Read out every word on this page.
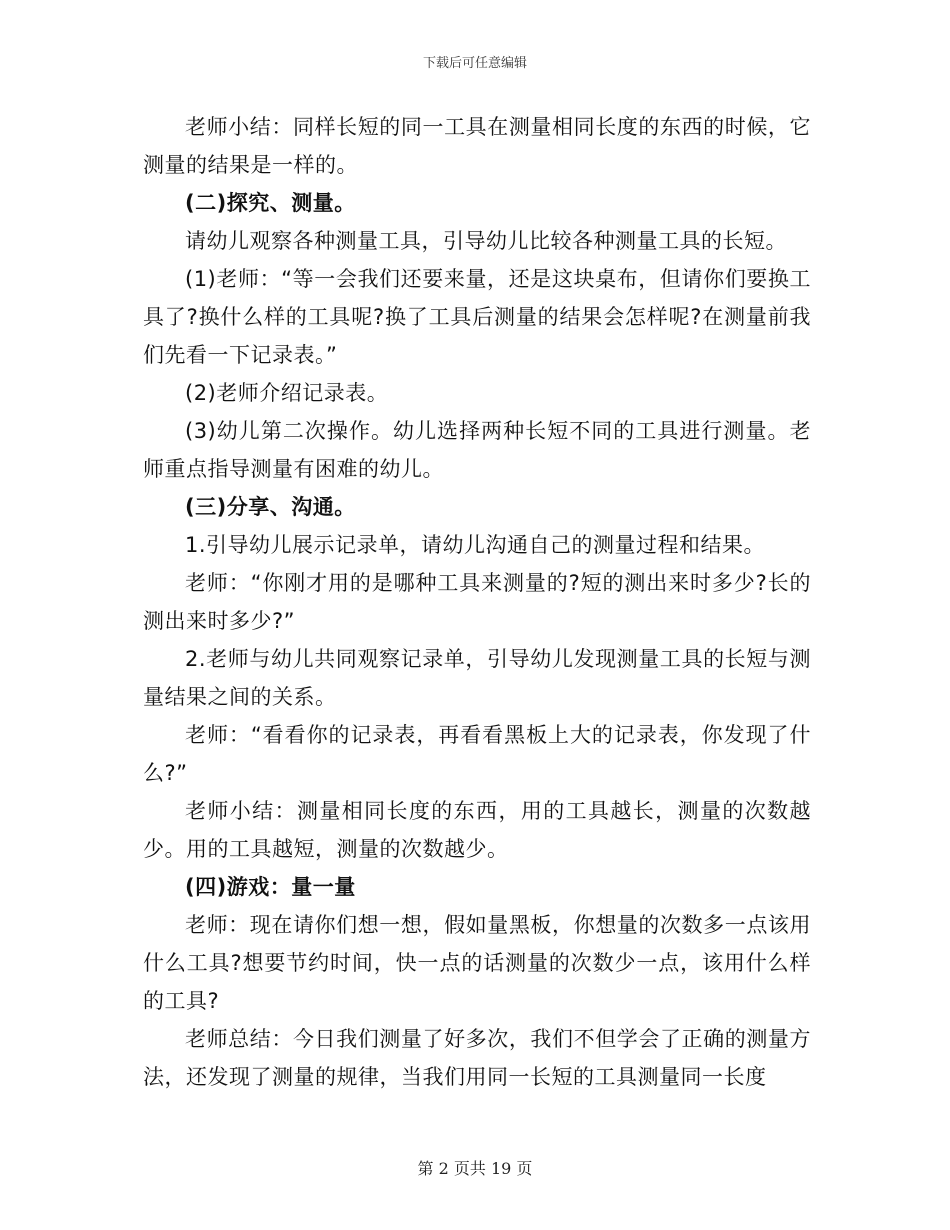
下载后可任意编辑

老师小结：同样长短的同一工具在测量相同长度的东西的时候，它测量的结果是一样的。

(二)探究、测量。

请幼儿观察各种测量工具，引导幼儿比较各种测量工具的长短。

(1)老师：“等一会我们还要来量，还是这块桌布，但请你们要换工具了?换什么样的工具呢?换了工具后测量的结果会怎样呢?在测量前我们先看一下记录表。”

(2)老师介绍记录表。

(3)幼儿第二次操作。幼儿选择两种长短不同的工具进行测量。老师重点指导测量有困难的幼儿。

(三)分享、沟通。

1.引导幼儿展示记录单，请幼儿沟通自己的测量过程和结果。

老师：“你刚才用的是哪种工具来测量的?短的测出来时多少?长的测出来时多少?”

2.老师与幼儿共同观察记录单，引导幼儿发现测量工具的长短与测量结果之间的关系。

老师：“看看你的记录表，再看看黑板上大的记录表，你发现了什么?”

老师小结：测量相同长度的东西，用的工具越长，测量的次数越少。用的工具越短，测量的次数越少。

(四)游戏：量一量

老师：现在请你们想一想，假如量黑板，你想量的次数多一点该用什么工具?想要节约时间，快一点的话测量的次数少一点，该用什么样的工具?

老师总结：今日我们测量了好多次，我们不但学会了正确的测量方法，还发现了测量的规律，当我们用同一长短的工具测量同一长度

第 2 页共 19 页
